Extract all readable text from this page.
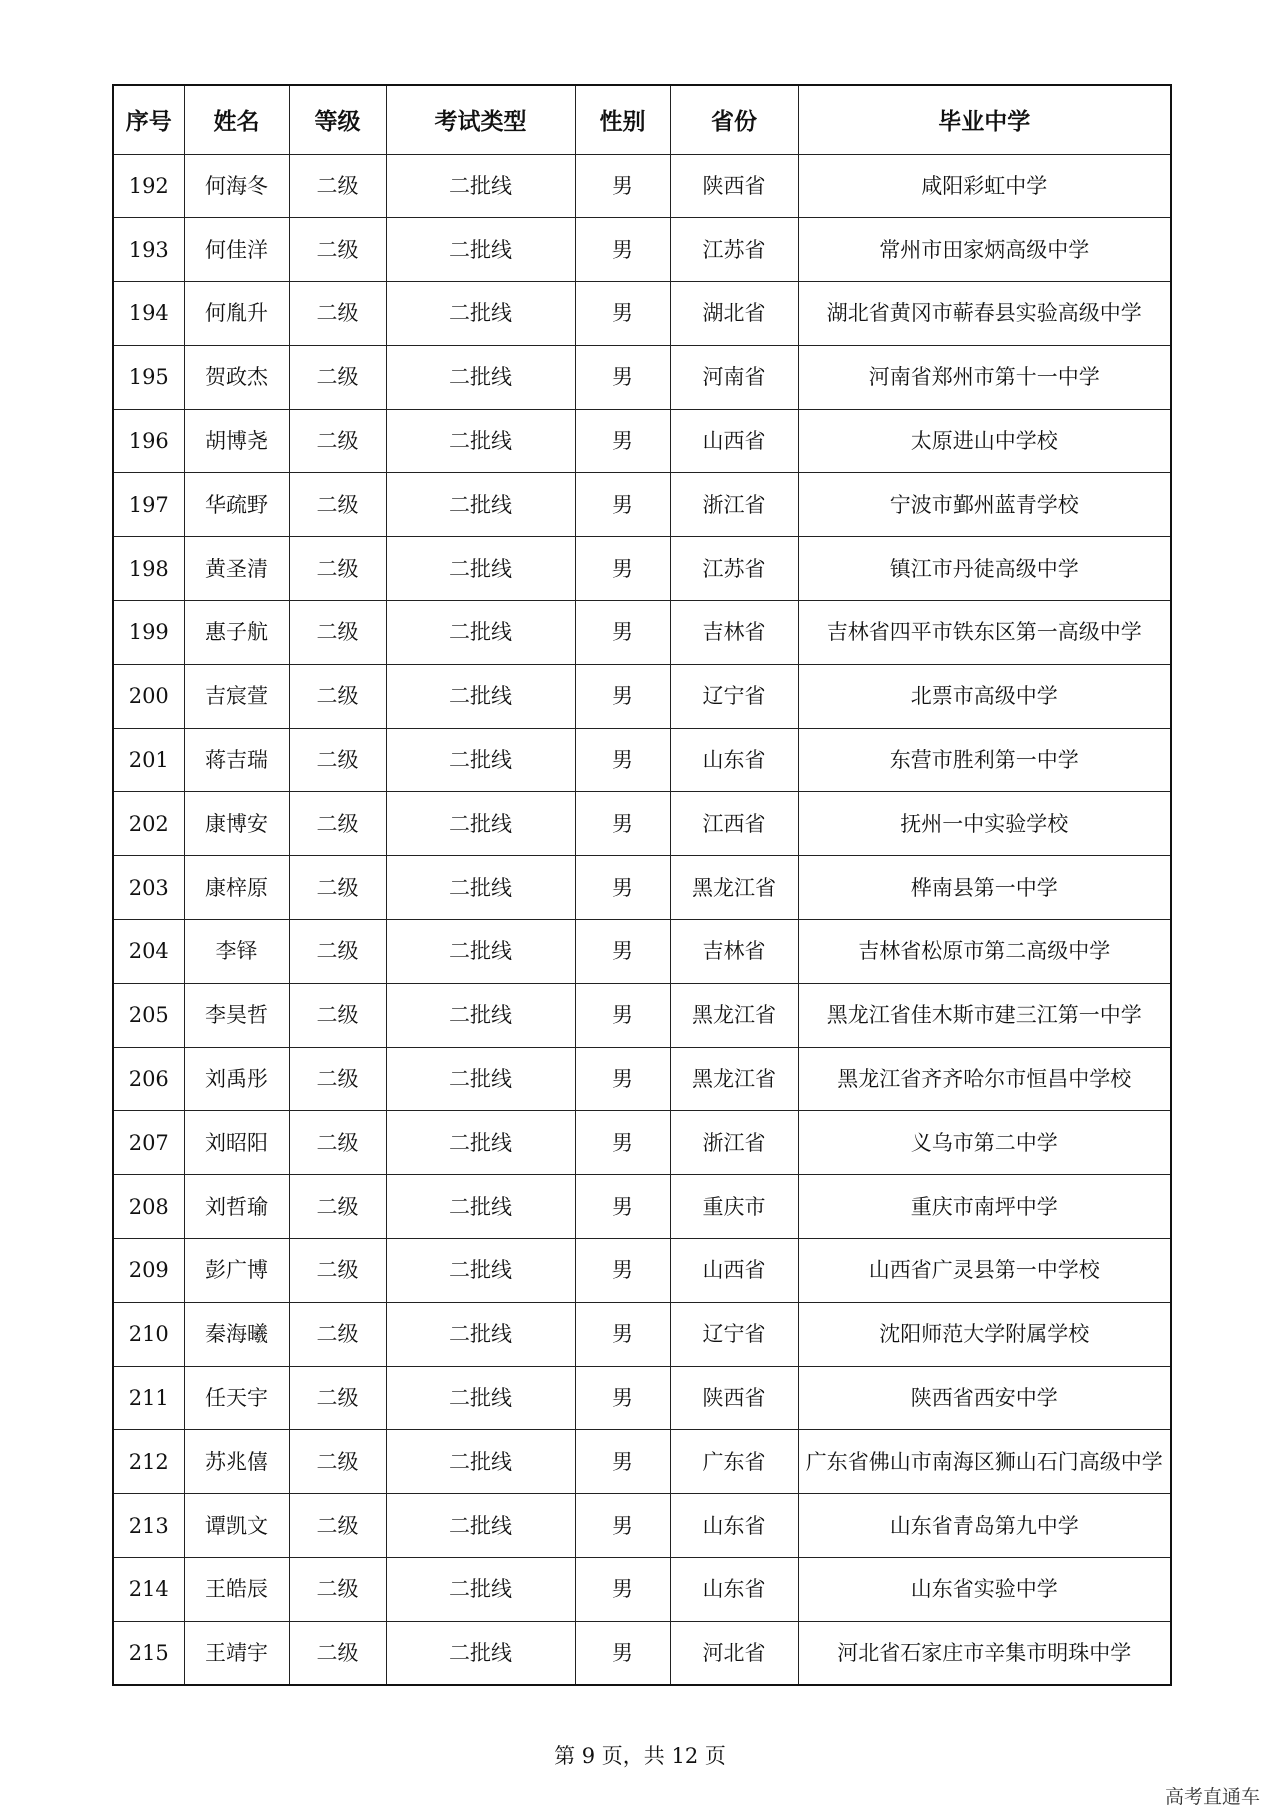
序号	姓名	等级	考试类型	性别	省份	毕业中学
192	何海冬	二级	二批线	男	陕西省	咸阳彩虹中学
193	何佳洋	二级	二批线	男	江苏省	常州市田家炳高级中学
194	何胤升	二级	二批线	男	湖北省	湖北省黄冈市蕲春县实验高级中学
195	贺政杰	二级	二批线	男	河南省	河南省郑州市第十一中学
196	胡博尧	二级	二批线	男	山西省	太原进山中学校
197	华疏野	二级	二批线	男	浙江省	宁波市鄞州蓝青学校
198	黄圣清	二级	二批线	男	江苏省	镇江市丹徒高级中学
199	惠子航	二级	二批线	男	吉林省	吉林省四平市铁东区第一高级中学
200	吉宸萱	二级	二批线	男	辽宁省	北票市高级中学
201	蒋吉瑞	二级	二批线	男	山东省	东营市胜利第一中学
202	康博安	二级	二批线	男	江西省	抚州一中实验学校
203	康梓原	二级	二批线	男	黑龙江省	桦南县第一中学
204	李铎	二级	二批线	男	吉林省	吉林省松原市第二高级中学
205	李昊哲	二级	二批线	男	黑龙江省	黑龙江省佳木斯市建三江第一中学
206	刘禹彤	二级	二批线	男	黑龙江省	黑龙江省齐齐哈尔市恒昌中学校
207	刘昭阳	二级	二批线	男	浙江省	义乌市第二中学
208	刘哲瑜	二级	二批线	男	重庆市	重庆市南坪中学
209	彭广博	二级	二批线	男	山西省	山西省广灵县第一中学校
210	秦海曦	二级	二批线	男	辽宁省	沈阳师范大学附属学校
211	任天宇	二级	二批线	男	陕西省	陕西省西安中学
212	苏兆僖	二级	二批线	男	广东省	广东省佛山市南海区狮山石门高级中学
213	谭凯文	二级	二批线	男	山东省	山东省青岛第九中学
214	王皓辰	二级	二批线	男	山东省	山东省实验中学
215	王靖宇	二级	二批线	男	河北省	河北省石家庄市辛集市明珠中学
第 9 页，共 12 页
高考直通车
